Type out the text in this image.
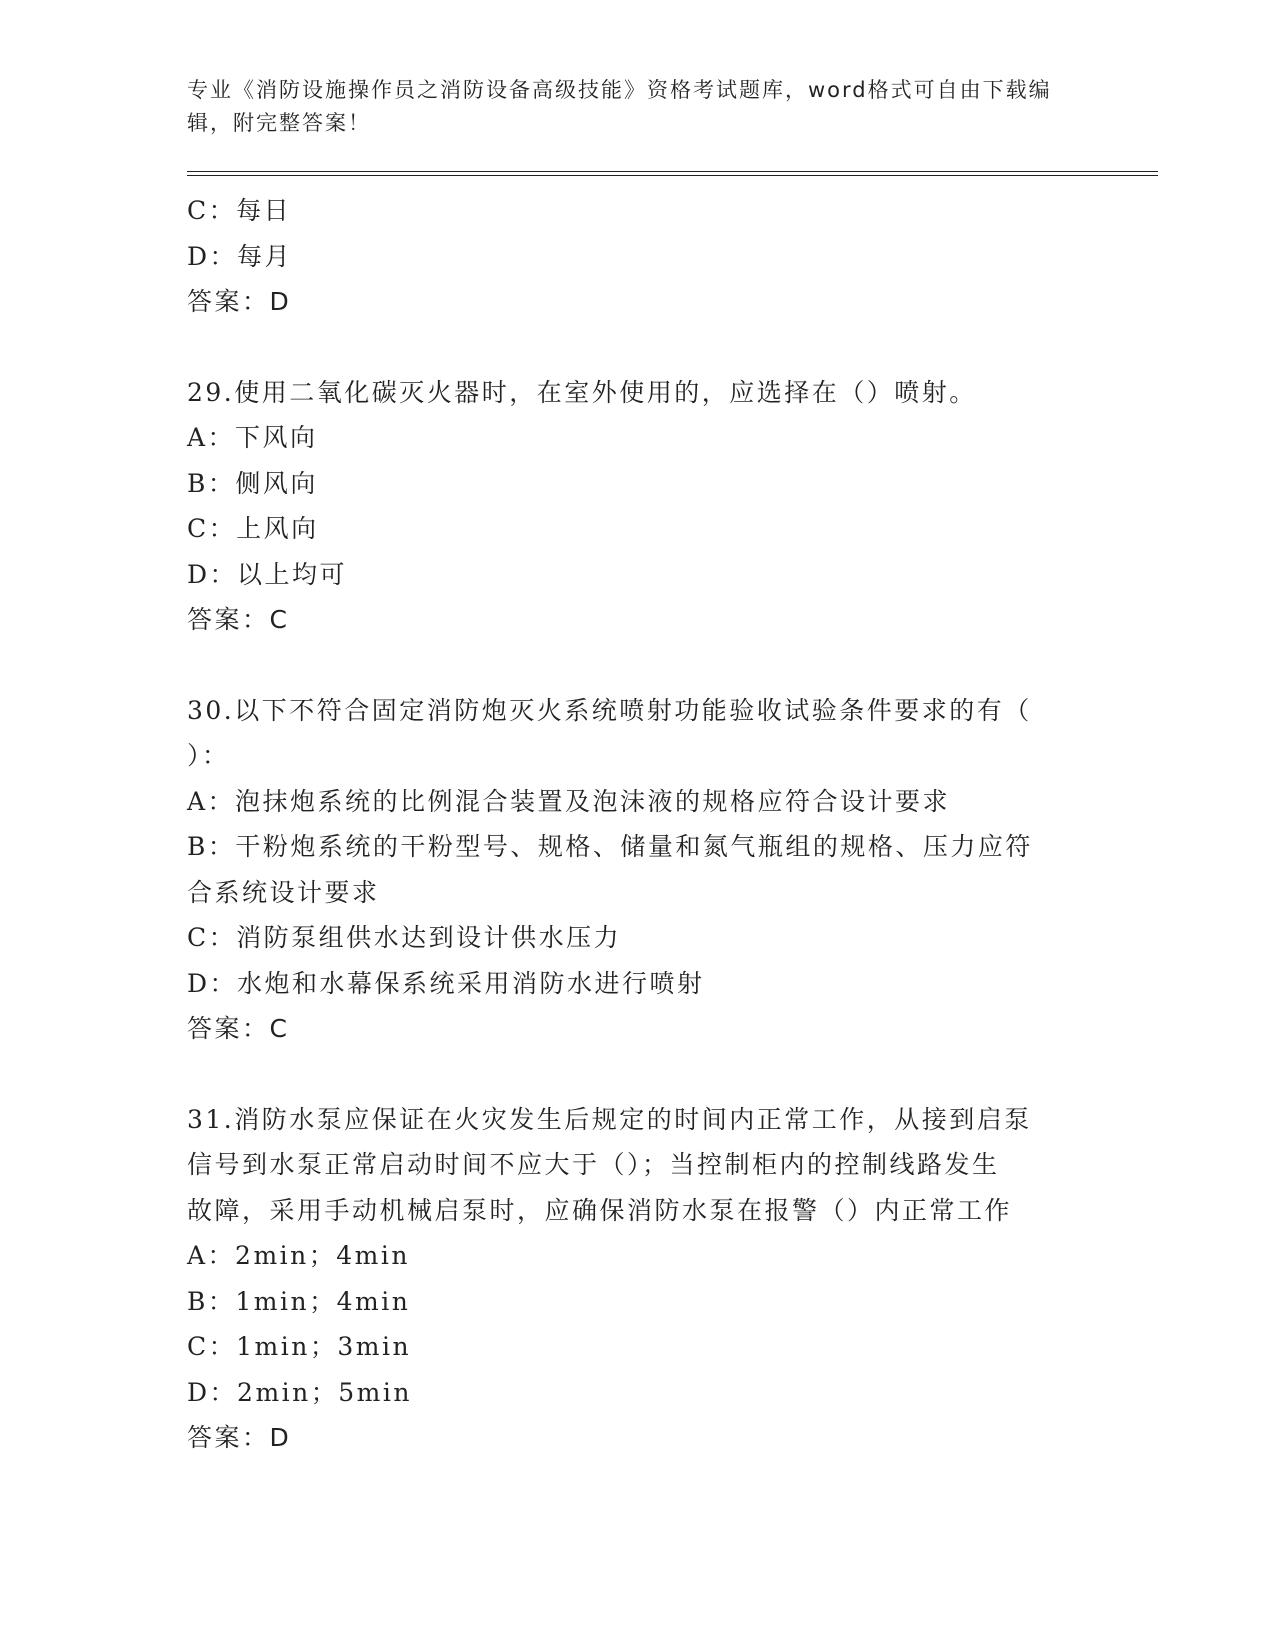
专业《消防设施操作员之消防设备高级技能》资格考试题库，word格式可自由下载编辑，附完整答案！
C：每日
D：每月
答案：D
29.使用二氧化碳灭火器时，在室外使用的，应选择在（）喷射。
A：下风向
B：侧风向
C：上风向
D：以上均可
答案：C
30.以下不符合固定消防炮灭火系统喷射功能验收试验条件要求的有（
）：
A：泡抹炮系统的比例混合装置及泡沫液的规格应符合设计要求
B：干粉炮系统的干粉型号、规格、储量和氮气瓶组的规格、压力应符
合系统设计要求
C：消防泵组供水达到设计供水压力
D：水炮和水幕保系统采用消防水进行喷射
答案：C
31.消防水泵应保证在火灾发生后规定的时间内正常工作，从接到启泵
信号到水泵正常启动时间不应大于（）；当控制柜内的控制线路发生
故障，采用手动机械启泵时，应确保消防水泵在报警（）内正常工作
A：2min；4min
B：1min；4min
C：1min；3min
D：2min；5min
答案：D
